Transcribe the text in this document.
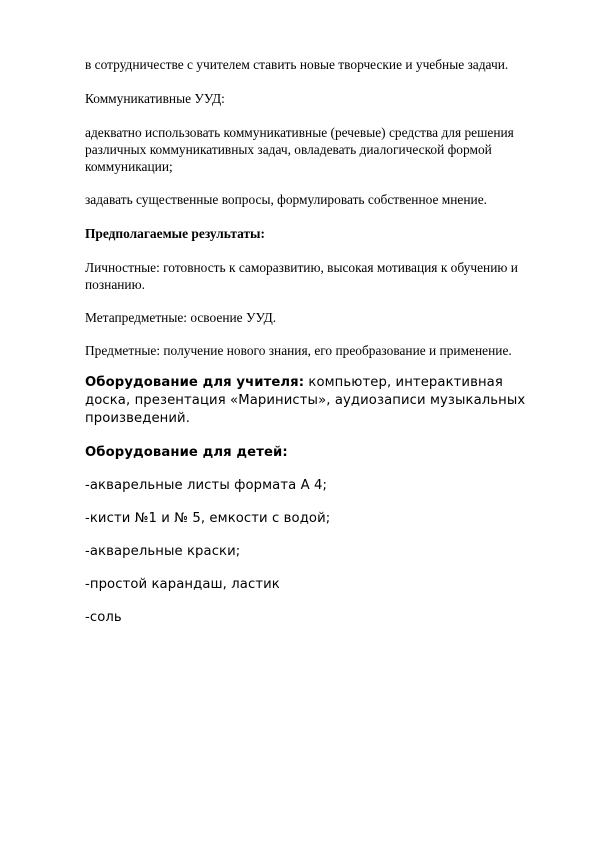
в сотрудничестве с учителем ставить новые творческие и учебные задачи.

Коммуникативные УУД:

адекватно использовать коммуникативные (речевые) средства для решения различных коммуникативных задач, овладевать диалогической формой коммуникации;

задавать существенные вопросы, формулировать собственное мнение.

Предполагаемые результаты:

Личностные: готовность к саморазвитию, высокая мотивация к обучению и познанию.

Метапредметные: освоение УУД.

Предметные: получение нового знания, его преобразование и применение.

Оборудование для учителя: компьютер, интерактивная доска, презентация «Маринисты», аудиозаписи музыкальных произведений.

Оборудование для детей:

-акварельные листы формата А 4;

-кисти №1 и № 5, емкости с водой;

-акварельные краски;

-простой карандаш, ластик

-соль
